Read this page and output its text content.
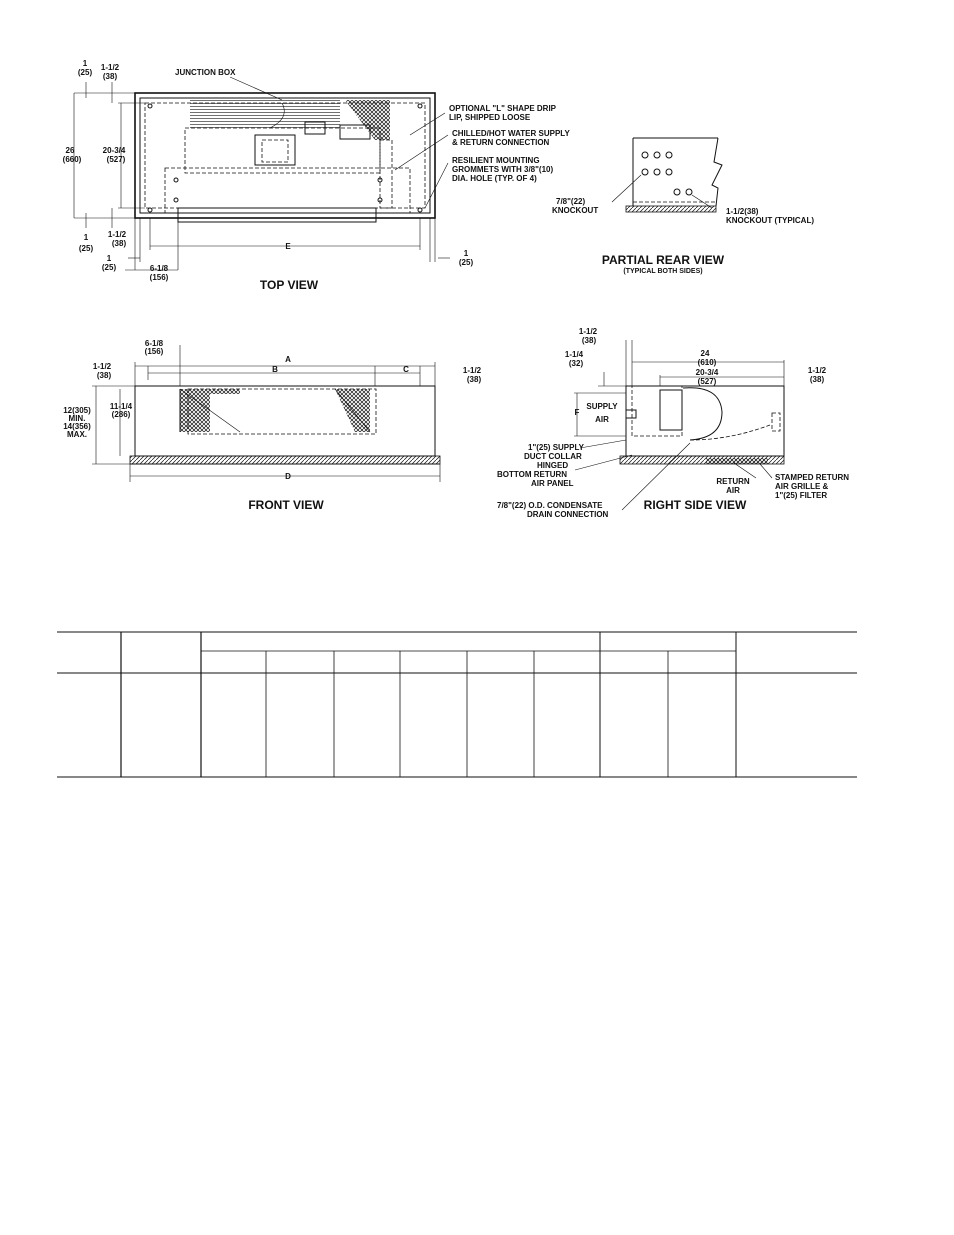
JUNCTION BOX
OPTIONAL "L" SHAPE DRIP
LIP, SHIPPED LOOSE
CHILLED/HOT WATER SUPPLY
& RETURN CONNECTION
RESILIENT MOUNTING
GROMMETS WITH 3/8"(10)
DIA. HOLE (TYP. OF 4)
1
(25)
1-1/2
(38)
26
(660)
20-3/4
(527)
1-1/2
(38)
1
(25)
1
(25)	6-1/8
(156)
E
1
(25)
TOP VIEW
7/8"(22)
KNOCKOUT	1-1/2(38)
KNOCKOUT (TYPICAL)
PARTIAL REAR VIEW
(TYPICAL BOTH SIDES)
6-1/8
(156)
A
B	C
D
1-1/2
(38)
1-1/2
(38)
12(305)
MIN.
14(356)
MAX.
11-1/4
(286)
FRONT VIEW
1-1/2
(38)
1-1/4
(32)
24
(610)
20-3/4
(527)
1-1/2
(38)
F
SUPPLY
AIR
1"(25) SUPPLY
DUCT COLLAR
HINGED
BOTTOM RETURN
AIR PANEL
7/8"(22) O.D. CONDENSATE
DRAIN CONNECTION
RETURN
AIR
STAMPED RETURN
AIR GRILLE &
1"(25) FILTER
RIGHT SIDE VIEW
